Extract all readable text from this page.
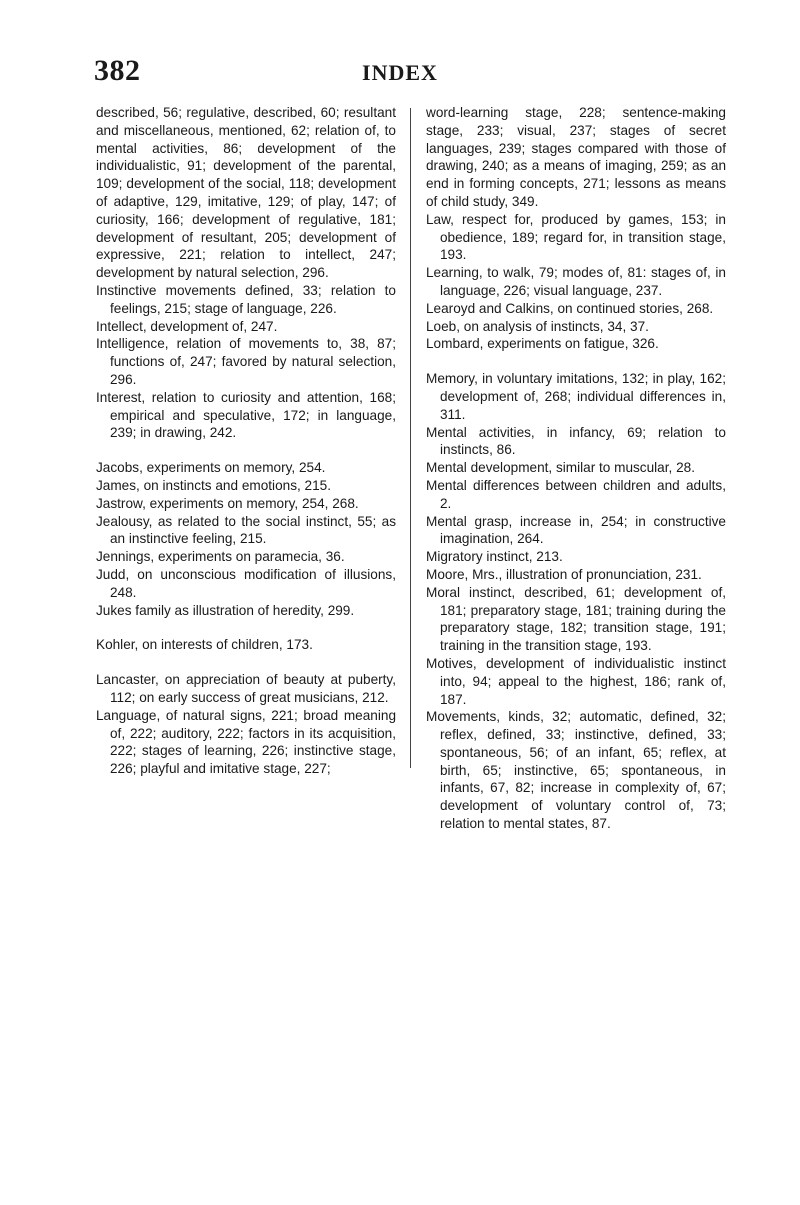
382	INDEX

described, 56; regulative, described, 60; resultant and miscellaneous, mentioned, 62; relation of, to mental activities, 86; development of the individualistic, 91; development of the parental, 109; development of the social, 118; development of adaptive, 129, imitative, 129; of play, 147; of curiosity, 166; development of regulative, 181; development of resultant, 205; development of expressive, 221; relation to intellect, 247; development by natural selection, 296.

Instinctive movements defined, 33; relation to feelings, 215; stage of language, 226.

Intellect, development of, 247.

Intelligence, relation of movements to, 38, 87; functions of, 247; favored by natural selection, 296.

Interest, relation to curiosity and attention, 168; empirical and speculative, 172; in language, 239; in drawing, 242.

Jacobs, experiments on memory, 254.

James, on instincts and emotions, 215.

Jastrow, experiments on memory, 254, 268.

Jealousy, as related to the social instinct, 55; as an instinctive feeling, 215.

Jennings, experiments on paramecia, 36.

Judd, on unconscious modification of illusions, 248.

Jukes family as illustration of heredity, 299.

Kohler, on interests of children, 173.

Lancaster, on appreciation of beauty at puberty, 112; on early success of great musicians, 212.

Language, of natural signs, 221; broad meaning of, 222; auditory, 222; factors in its acquisition, 222; stages of learning, 226; instinctive stage, 226; playful and imitative stage, 227;

word-learning stage, 228; sentence-making stage, 233; visual, 237; stages of secret languages, 239; stages compared with those of drawing, 240; as a means of imaging, 259; as an end in forming concepts, 271; lessons as means of child study, 349.

Law, respect for, produced by games, 153; in obedience, 189; regard for, in transition stage, 193.

Learning, to walk, 79; modes of, 81: stages of, in language, 226; visual language, 237.

Learoyd and Calkins, on continued stories, 268.

Loeb, on analysis of instincts, 34, 37.

Lombard, experiments on fatigue, 326.

Memory, in voluntary imitations, 132; in play, 162; development of, 268; individual differences in, 311.

Mental activities, in infancy, 69; relation to instincts, 86.

Mental development, similar to muscular, 28.

Mental differences between children and adults, 2.

Mental grasp, increase in, 254; in constructive imagination, 264.

Migratory instinct, 213.

Moore, Mrs., illustration of pronunciation, 231.

Moral instinct, described, 61; development of, 181; preparatory stage, 181; training during the preparatory stage, 182; transition stage, 191; training in the transition stage, 193.

Motives, development of individualistic instinct into, 94; appeal to the highest, 186; rank of, 187.

Movements, kinds, 32; automatic, defined, 32; reflex, defined, 33; instinctive, defined, 33; spontaneous, 56; of an infant, 65; reflex, at birth, 65; instinctive, 65; spontaneous, in infants, 67, 82; increase in complexity of, 67; development of voluntary control of, 73; relation to mental states, 87.
